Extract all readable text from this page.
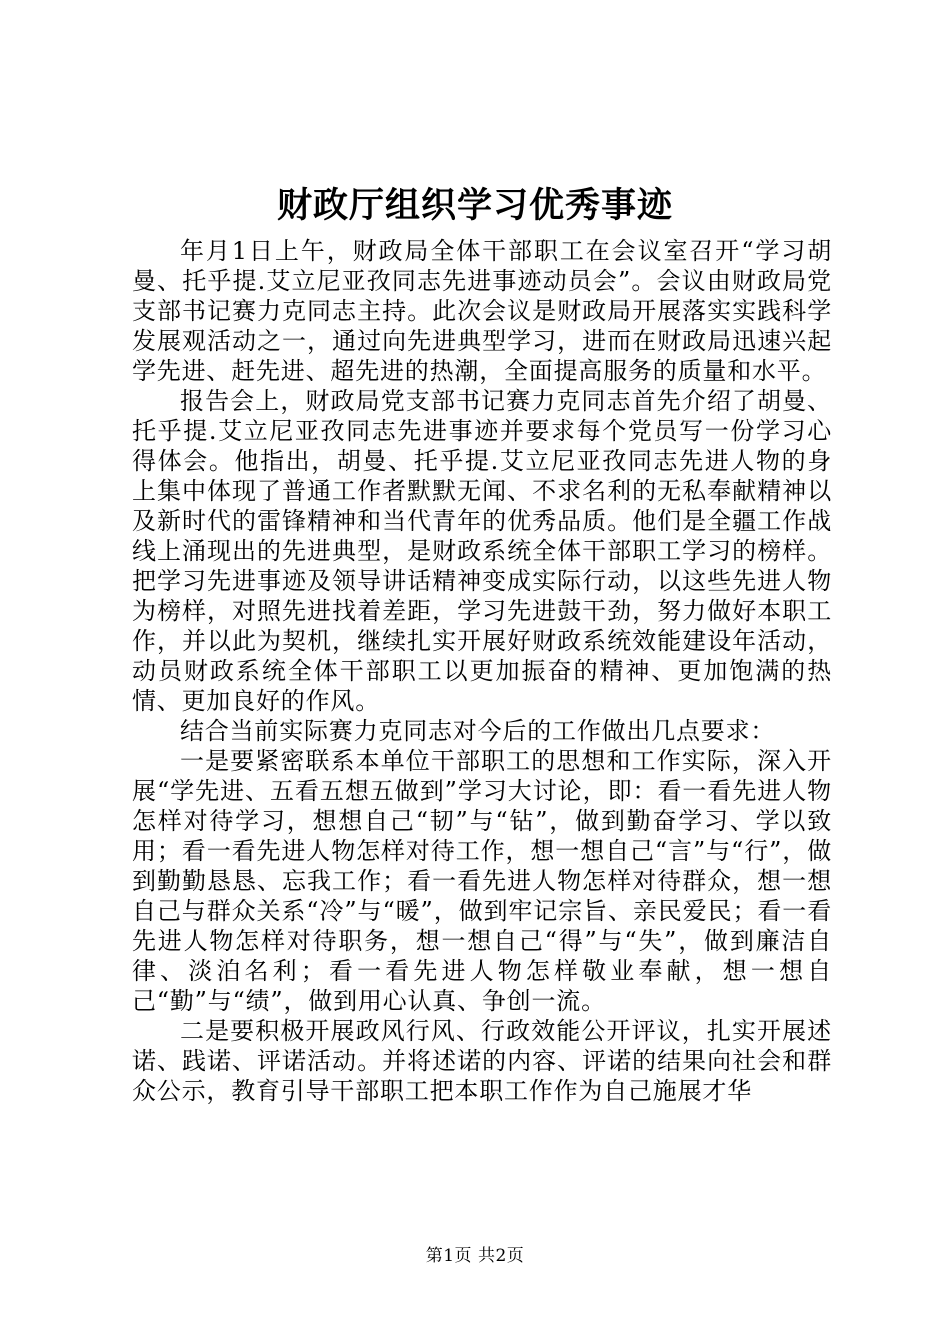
财政厅组织学习优秀事迹

年月1日上午，财政局全体干部职工在会议室召开“学习胡曼、托乎提.艾立尼亚孜同志先进事迹动员会”。会议由财政局党支部书记赛力克同志主持。此次会议是财政局开展落实实践科学发展观活动之一，通过向先进典型学习，进而在财政局迅速兴起学先进、赶先进、超先进的热潮，全面提高服务的质量和水平。

报告会上，财政局党支部书记赛力克同志首先介绍了胡曼、托乎提.艾立尼亚孜同志先进事迹并要求每个党员写一份学习心得体会。他指出，胡曼、托乎提.艾立尼亚孜同志先进人物的身上集中体现了普通工作者默默无闻、不求名利的无私奉献精神以及新时代的雷锋精神和当代青年的优秀品质。他们是全疆工作战线上涌现出的先进典型，是财政系统全体干部职工学习的榜样。把学习先进事迹及领导讲话精神变成实际行动，以这些先进人物为榜样，对照先进找着差距，学习先进鼓干劲，努力做好本职工作，并以此为契机，继续扎实开展好财政系统效能建设年活动，动员财政系统全体干部职工以更加振奋的精神、更加饱满的热情、更加良好的作风。

结合当前实际赛力克同志对今后的工作做出几点要求：

一是要紧密联系本单位干部职工的思想和工作实际，深入开展“学先进、五看五想五做到”学习大讨论，即：看一看先进人物怎样对待学习，想想自己“韧”与“钻”，做到勤奋学习、学以致用；看一看先进人物怎样对待工作，想一想自己“言”与“行”，做到勤勤恳恳、忘我工作；看一看先进人物怎样对待群众，想一想自己与群众关系“冷”与“暖”，做到牢记宗旨、亲民爱民；看一看先进人物怎样对待职务，想一想自己“得”与“失”，做到廉洁自律、淡泊名利；看一看先进人物怎样敬业奉献，想一想自己“勤”与“绩”，做到用心认真、争创一流。

二是要积极开展政风行风、行政效能公开评议，扎实开展述诺、践诺、评诺活动。并将述诺的内容、评诺的结果向社会和群众公示，教育引导干部职工把本职工作作为自己施展才华

第1页 共2页
